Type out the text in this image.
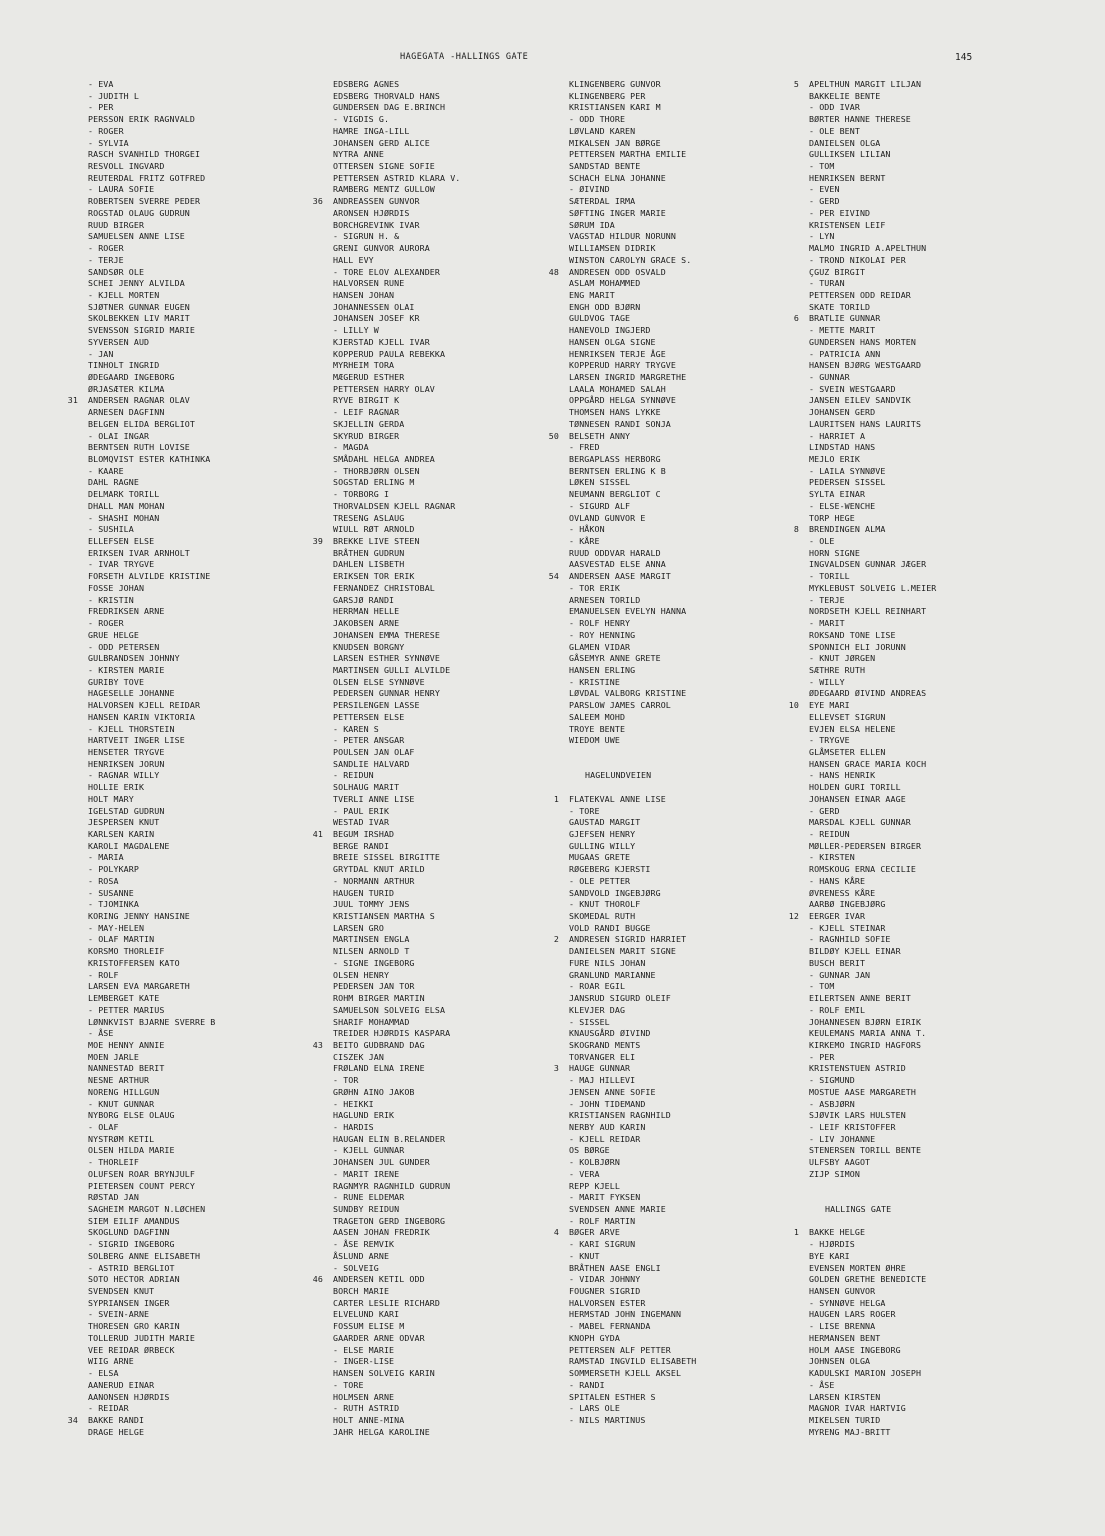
HAGEGATA -HALLINGS GATE	145
- EVA
- JUDITH L
- PER
PERSSON ERIK RAGNVALD
- ROGER
- SYLVIA
RASCH SVANHILD THORGEI
RESVOLL INGVARD
REUTERDAL FRITZ GOTFRED
- LAURA SOFIE
ROBERTSEN SVERRE PEDER
ROGSTAD OLAUG GUDRUN
RUUD BIRGER
SAMUELSEN ANNE LISE
- ROGER
- TERJE
SANDSØR OLE
SCHEI JENNY ALVILDA
- KJELL MORTEN
SJØTNER GUNNAR EUGEN
SKOLBEKKEN LIV MARIT
SVENSSON SIGRID MARIE
SYVERSEN AUD
- JAN
TINHOLT INGRID
ØDEGAARD INGEBORG
ØRJASÆTER KILMA
31 ANDERSEN RAGNAR OLAV
ARNESEN DAGFINN
BELGEN ELIDA BERGLIOT
- OLAI INGAR
BERNTSEN RUTH LOVISE
BLOMQVIST ESTER KATHINKA
- KAARE
DAHL RAGNE
DELMARK TORILL
DHALL MAN MOHAN
- SHASHI MOHAN
- SUSHILA
ELLEFSEN ELSE
ERIKSEN IVAR ARNHOLT
- IVAR TRYGVE
FORSETH ALVILDE KRISTINE
FOSSE JOHAN
- KRISTIN
FREDRIKSEN ARNE
- ROGER
GRUE HELGE
- ODD PETERSEN
GULBRANDSEN JOHNNY
- KIRSTEN MARIE
GURIBY TOVE
HAGESELLE JOHANNE
HALVORSEN KJELL REIDAR
HANSEN KARIN VIKTORIA
- KJELL THORSTEIN
HARTVEIT INGER LISE
HENSETER TRYGVE
HENRIKSEN JORUN
- RAGNAR WILLY
HOLLIE ERIK
HOLT MARY
IGELSTAD GUDRUN
JESPERSEN KNUT
KARLSEN KARIN
KAROLI MAGDALENE
- MARIA
- POLYKARP
- ROSA
- SUSANNE
- TJOMINKA
KORING JENNY HANSINE
- MAY-HELEN
- OLAF MARTIN
KORSMO THORLEIF
KRISTOFFERSEN KATO
- ROLF
LARSEN EVA MARGARETH
LEMBERGET KATE
- PETTER MARIUS
LØNNKVIST BJARNE SVERRE B
- ÅSE
MOE HENNY ANNIE
MOEN JARLE
NANNESTAD BERIT
NESNE ARTHUR
NORENG HILLGUN
- KNUT GUNNAR
NYBORG ELSE OLAUG
- OLAF
NYSTRØM KETIL
OLSEN HILDA MARIE
- THORLEIF
OLUFSEN ROAR BRYNJULF
PIETERSEN COUNT PERCY
RØSTAD JAN
SAGHEIM MARGOT N.LØCHEN
SIEM EILIF AMANDUS
SKOGLUND DAGFINN
- SIGRID INGEBORG
SOLBERG ANNE ELISABETH
- ASTRID BERGLIOT
SOTO HECTOR ADRIAN
SVENDSEN KNUT
SYPRIANSEN INGER
- SVEIN-ARNE
THORESEN GRO KARIN
TOLLERUD JUDITH MARIE
VEE REIDAR ØRBECK
WIIG ARNE
- ELSA
AANERUD EINAR
AANONSEN HJØRDIS
- REIDAR
34 BAKKE RANDI
DRAGE HELGE
EDSBERG AGNES
EDSBERG THORVALD HANS
GUNDERSEN DAG E.BRINCH
- VIGDIS G.
HAMRE INGA-LILL
JOHANSEN GERD ALICE
NYTRA ANNE
OTTERSEN SIGNE SOFIE
PETTERSEN ASTRID KLARA V.
RAMBERG MENTZ GULLOW
36 ANDREASSEN GUNVOR
ARONSEN HJØRDIS
BORCHGREVINK IVAR
- SIGRUN H. &
GRENI GUNVOR AURORA
HALL EVY
- TORE ELOV ALEXANDER
HALVORSEN RUNE
HANSEN JOHAN
JOHANNESSEN OLAI
JOHANSEN JOSEF KR
- LILLY W
KJERSTAD KJELL IVAR
KOPPERUD PAULA REBEKKA
MYRHEIM TORA
MÆGERUD ESTHER
PETTERSEN HARRY OLAV
RYVE BIRGIT K
- LEIF RAGNAR
SKJELLIN GERDA
SKYRUD BIRGER
- MAGDA
SMÅDAHL HELGA ANDREA
- THORBJØRN OLSEN
SOGSTAD ERLING M
- TORBORG I
THORVALDSEN KJELL RAGNAR
TRESENG ASLAUG
WIULL RØT ARNOLD
39 BREKKE LIVE STEEN
BRÅTHEN GUDRUN
DAHLEN LISBETH
ERIKSEN TOR ERIK
FERNANDEZ CHRISTOBAL
GARSJØ RANDI
HERRMAN HELLE
JAKOBSEN ARNE
JOHANSEN EMMA THERESE
KNUDSEN BORGNY
LARSEN ESTHER SYNNØVE
MARTINSEN GULLI ALVILDE
OLSEN ELSE SYNNØVE
PEDERSEN GUNNAR HENRY
PERSILENGEN LASSE
PETTERSEN ELSE
- KAREN S
- PETER ANSGAR
POULSEN JAN OLAF
SANDLIE HALVARD
- REIDUN
SOLHAUG MARIT
TVERLI ANNE LISE
- PAUL ERIK
WESTAD IVAR
41 BEGUM IRSHAD
BERGE RANDI
BREIE SISSEL BIRGITTE
GRYTDAL KNUT ARILD
- NORMANN ARTHUR
HAUGEN TURID
JUUL TOMMY JENS
KRISTIANSEN MARTHA S
LARSEN GRO
MARTINSEN ENGLA
NILSEN ARNOLD T
- SIGNE INGEBORG
OLSEN HENRY
PEDERSEN JAN TOR
ROHM BIRGER MARTIN
SAMUELSON SOLVEIG ELSA
SHARIF MOHAMMAD
TREIDER HJØRDIS KASPARA
43 BEITO GUDBRAND DAG
CISZEK JAN
FRØLAND ELNA IRENE
- TOR
GRØHN AINO JAKOB
- HEIKKI
HAGLUND ERIK
- HARDIS
HAUGAN ELIN B.RELANDER
- KJELL GUNNAR
JOHANSEN JUL GUNDER
- MARIT IRENE
RAGNMYR RAGNHILD GUDRUN
- RUNE ELDEMAR
SUNDBY REIDUN
TRAGETON GERD INGEBORG
AASEN JOHAN FREDRIK
- ÅSE REMVIK
ÅSLUND ARNE
- SOLVEIG
46 ANDERSEN KETIL ODD
BORCH MARIE
CARTER LESLIE RICHARD
ELVELUND KARI
FOSSUM ELISE M
GAARDER ARNE ODVAR
- ELSE MARIE
- INGER-LISE
HANSEN SOLVEIG KARIN
- TORE
HOLMSEN ARNE
- RUTH ASTRID
HOLT ANNE-MINA
JAHR HELGA KAROLINE
KLINGENBERG GUNVOR
KLINGENBERG PER
KRISTIANSEN KARI M
- ODD THORE
LØVLAND KAREN
MIKALSEN JAN BØRGE
PETTERSEN MARTHA EMILIE
SANDSTAD BENTE
SCHACH ELNA JOHANNE
- ØIVIND
SÆTERDAL IRMA
SØFTING INGER MARIE
SØRUM IDA
VAGSTAD HILDUR NORUNN
WILLIAMSEN DIDRIK
WINSTON CAROLYN GRACE S.
48 ANDRESEN ODD OSVALD
ASLAM MOHAMMED
ENG MARIT
ENGH ODD BJØRN
GULDVOG TAGE
HANEVOLD INGJERD
HANSEN OLGA SIGNE
HENRIKSEN TERJE ÅGE
KOPPERUD HARRY TRYGVE
LARSEN INGRID MARGRETHE
LAALA MOHAMED SALAH
OPPGÅRD HELGA SYNNØVE
THOMSEN HANS LYKKE
TØNNESEN RANDI SONJA
50 BELSETH ANNY
- FRED
BERGAPLASS HERBORG
BERNTSEN ERLING K B
LØKEN SISSEL
NEUMANN BERGLIOT C
- SIGURD ALF
OVLAND GUNVOR E
- HÅKON
- KÅRE
RUUD ODDVAR HARALD
AASVESTAD ELSE ANNA
54 ANDERSEN AASE MARGIT
- TOR ERIK
ARNESEN TORILD
EMANUELSEN EVELYN HANNA
- ROLF HENRY
- ROY HENNING
GLAMEN VIDAR
GÅSEMYR ANNE GRETE
HANSEN ERLING
- KRISTINE
LØVDAL VALBORG KRISTINE
PARSLOW JAMES CARROL
SALEEM MOHD
TROYE BENTE
WIEDOM UWE
HAGELUNDVEIEN
1 FLATEKVAL ANNE LISE
- TORE
GAUSTAD MARGIT
GJEFSEN HENRY
GULLING WILLY
MUGAAS GRETE
RØGEBERG KJERSTI
- OLE PETTER
SANDVOLD INGEBJØRG
- KNUT THOROLF
SKOMEDAL RUTH
VOLD RANDI BUGGE
2 ANDRESEN SIGRID HARRIET
DANIELSEN MARIT SIGNE
FURE NILS JOHAN
GRANLUND MARIANNE
- ROAR EGIL
JANSRUD SIGURD OLEIF
KLEVJER DAG
- SISSEL
KNAUSGÅRD ØIVIND
SKOGRAND MENTS
TORVANGER ELI
3 HAUGE GUNNAR
- MAJ HILLEVI
JENSEN ANNE SOFIE
- JOHN TIDEMAND
KRISTIANSEN RAGNHILD
NERBY AUD KARIN
- KJELL REIDAR
OS BØRGE
- KOLBJØRN
- VERA
REPP KJELL
- MARIT FYKSEN
SVENDSEN ANNE MARIE
- ROLF MARTIN
4 BØGER ARVE
- KARI SIGRUN
- KNUT
BRÅTHEN AASE ENGLI
- VIDAR JOHNNY
FOUGNER SIGRID
HALVORSEN ESTER
HERMSTAD JOHN INGEMANN
- MABEL FERNANDA
KNOPH GYDA
PETTERSEN ALF PETTER
RAMSTAD INGVILD ELISABETH
SOMMERSETH KJELL AKSEL
- RANDI
SPITALEN ESTHER S
- LARS OLE
- NILS MARTINUS
5 APELTHUN MARGIT LILJAN
BAKKELIE BENTE
- ODD IVAR
BØRTER HANNE THERESE
- OLE BENT
DANIELSEN OLGA
GULLIKSEN LILIAN
- TOM
HENRIKSEN BERNT
- EVEN
- GERD
- PER EIVIND
KRISTENSEN LEIF
- LYN
MALMO INGRID A.APELTHUN
- TROND NIKOLAI PER
ÇGUZ BIRGIT
- TURAN
PETTERSEN ODD REIDAR
SKATE TORILD
6 BRATLIE GUNNAR
- METTE MARIT
GUNDERSEN HANS MORTEN
- PATRICIA ANN
HANSEN BJØRG WESTGAARD
- GUNNAR
- SVEIN WESTGAARD
JANSEN EILEV SANDVIK
JOHANSEN GERD
LAURITSEN HANS LAURITS
- HARRIET A
LINDSTAD HANS
MEJLO ERIK
- LAILA SYNNØVE
PEDERSEN SISSEL
SYLTA EINAR
- ELSE-WENCHE
TORP HEGE
8 BRENDINGEN ALMA
- OLE
HORN SIGNE
INGVALDSEN GUNNAR JÆGER
- TORILL
MYKLEBUST SOLVEIG L.MEIER
- TERJE
NORDSETH KJELL REINHART
- MARIT
ROKSAND TONE LISE
SPONNICH ELI JORUNN
- KNUT JØRGEN
SÆTHRE RUTH
- WILLY
ØDEGAARD ØIVIND ANDREAS
10 EYE MARI
ELLEVSET SIGRUN
EVJEN ELSA HELENE
- TRYGVE
GLÅMSETER ELLEN
HANSEN GRACE MARIA KOCH
- HANS HENRIK
HOLDEN GURI TORILL
JOHANSEN EINAR AAGE
- GERD
MARSDAL KJELL GUNNAR
- REIDUN
MØLLER-PEDERSEN BIRGER
- KIRSTEN
ROMSKOUG ERNA CECILIE
- HANS KÅRE
ØVRENESS KÅRE
AARBØ INGEBJØRG
12 EERGER IVAR
- KJELL STEINAR
- RAGNHILD SOFIE
BILDØY KJELL EINAR
BUSCH BERIT
- GUNNAR JAN
- TOM
EILERTSEN ANNE BERIT
- ROLF EMIL
JOHANNESEN BJØRN EIRIK
KEULEMANS MARIA ANNA T.
KIRKEMO INGRID HAGFORS
- PER
KRISTENSTUEN ASTRID
- SIGMUND
MOSTUE AASE MARGARETH
- ASBJØRN
SJØVIK LARS HULSTEN
- LEIF KRISTOFFER
- LIV JOHANNE
STENERSEN TORILL BENTE
ULFSBY AAGOT
ZIJP SIMON
HALLINGS GATE
1 BAKKE HELGE
- HJØRDIS
BYE KARI
EVENSEN MORTEN ØHRE
GOLDEN GRETHE BENEDICTE
HANSEN GUNVOR
- SYNNØVE HELGA
HAUGEN LARS ROGER
- LISE BRENNA
HERMANSEN BENT
HOLM AASE INGEBORG
JOHNSEN OLGA
KADULSKI MARION JOSEPH
- ÅSE
LARSEN KIRSTEN
MAGNOR IVAR HARTVIG
MIKELSEN TURID
MYRENG MAJ-BRITT
